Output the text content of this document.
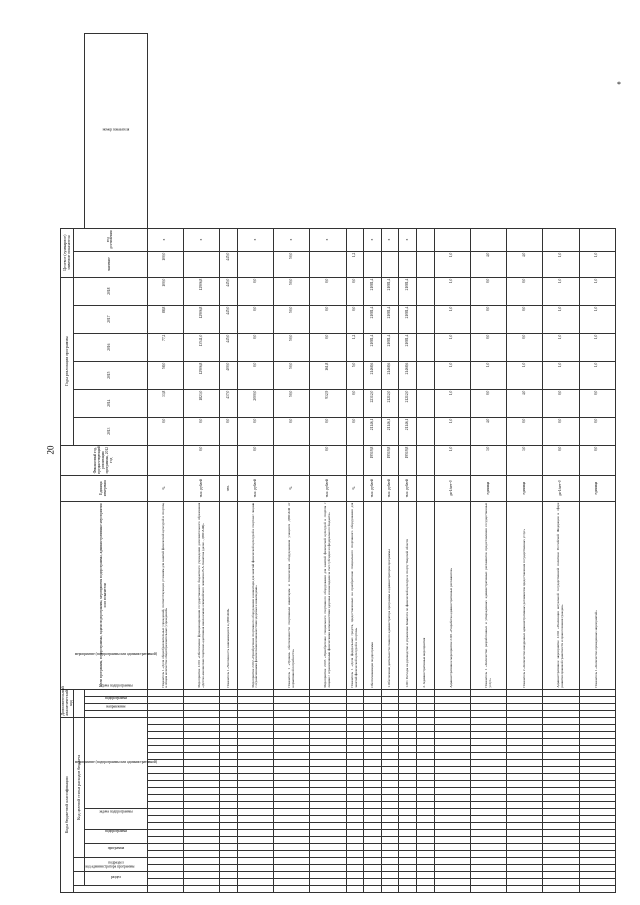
20
*
Коды бюджетной классификации																									Дополнительный аналитический код				Цели программы, подпрограммы, задачи подпрограммы, мероприятия подпрограммы, административные мероприятия и их показатели	Единица измерения	Финансовый год, предшествующий реализации программы, 2012 год	Годы реализации программы						Целевое (суммарное) значение показателя		
код администратора программы					Код целевой статьи расходов бюджета																											2013	2014	2015	2016	2017	2018	значение	год достижения	
	раздел		подраздел		программа		подпрограмма		задача подпрограммы			мероприятие (подпрограммы или административной)													направление	подпрограмма	задача подпрограммы	мероприятие (подпрограммы или административной)												номер показателя
																													Показатель 1 «Доля общеобразовательных учреждений, соответствующих условиям для занятий физической культурой и спортом, в общем количестве общеобразовательных учреждений»	%		0,0	33,8	58,0	77,2	88,8	100,0	100,0	x	
																													Мероприятие 2.001 «Обеспечение функционирования государственного бюджетного учреждения дополнительного образования «Детско-юношеская спортивно-адаптивная школа имени олимпийского чемпиона В.А. Канатова (далее - ДЮСАШ)»	тыс. рублей	0,0	0,0	1823,0	12906,8	13541,0	12906,8	12906,8		x	
																													Показатель 1 «Численность занимающихся в ДЮСАШ»	чел.		0,0	437,0	400,0	445,0	445,0	445,0	445,0		
																													Мероприятие 2.002 «Приобретение спортивного оборудования и инвентаря для занятий физической культурой и спортом с лицами с ограниченными физическими возможностями здоровья и инвалидами»	тыс. рублей	0,0	0,0	2000,0	0,0	0,0	0,0	0,0		x	
																													Показатель 1 «Уровень обеспеченности спортивным инвентарем и техническим оборудованием учащихся ДЮСАШ от нормативной потребности»	%		0,0	50,0	50,0	50,0	50,0	50,0	50,0	x	
																													Мероприятие 2.003 «Приобретение специального спортивного оборудования для занятий физической культурой и спортом с лицами с ограниченными физическими возможностями здоровья и инвалидами за счет субсидии из федерального бюджета»	тыс. рублей	0,0	0,0	932,9	161,8	0,0	0,0	0,0		x	
																													Показатель 1 «Доля федеральных средств, предоставленных на приобретение специального спортивного оборудования для занятий физической культурой и спортом»	%		0,0	0,0	5,0	1,2	0,0	0,0	1,2		
																													Обеспечивающая подпрограмма	тыс. рублей	19519,8	21146,1	22312,0	21468,6	21081,4	21081,4	21081,4		x	
																													1 Обеспечение деятельности главного администратора программы и администраторов программы	тыс. рублей	19519,8	21146,1	21212,0	21468,6	21081,4	21081,4	21081,4		x	
																													1.001 Расходы на руководство и управление Комитета по физической культуре и спорту Тверской области	тыс. рублей	19519,8	21146,1	21212,0	21468,6	21081,4	21081,4	21081,4		x	
																													2. Административные мероприятия											
																													Административное мероприятие 2.001 «Разработка административных регламентов»	да-1/нет-0	1,0	1,0	1,0	1,0	1,0	1,0	1,0	1,0		
																													Показатель 1 «Количество разработанных и утвержденных административных регламентов предоставления государственных услуг»	единица	3,0	4,0	0,0	1,0	0,0	0,0	0,0	4,0		
																													Показатель 2 «Количество внедренных административных регламентов предоставления государственных услуг»	единица	3,0	0,0	4,0	1,0	0,0	0,0	0,0	4,0		
																													Административное мероприятие 2.002 «Реализация актуальной государственной политики Российской Федерации в сфере развития правовой грамотности и правосознания граждан»	да-1/нет-0	0,0	0,0	0,0	1,0	1,0	1,0	1,0	1,0		
																													Показатель 1 «Количество проведенных мероприятий»	единица	0,0	0,0	0,0	1,0	1,0	1,0	1,0	1,0		
